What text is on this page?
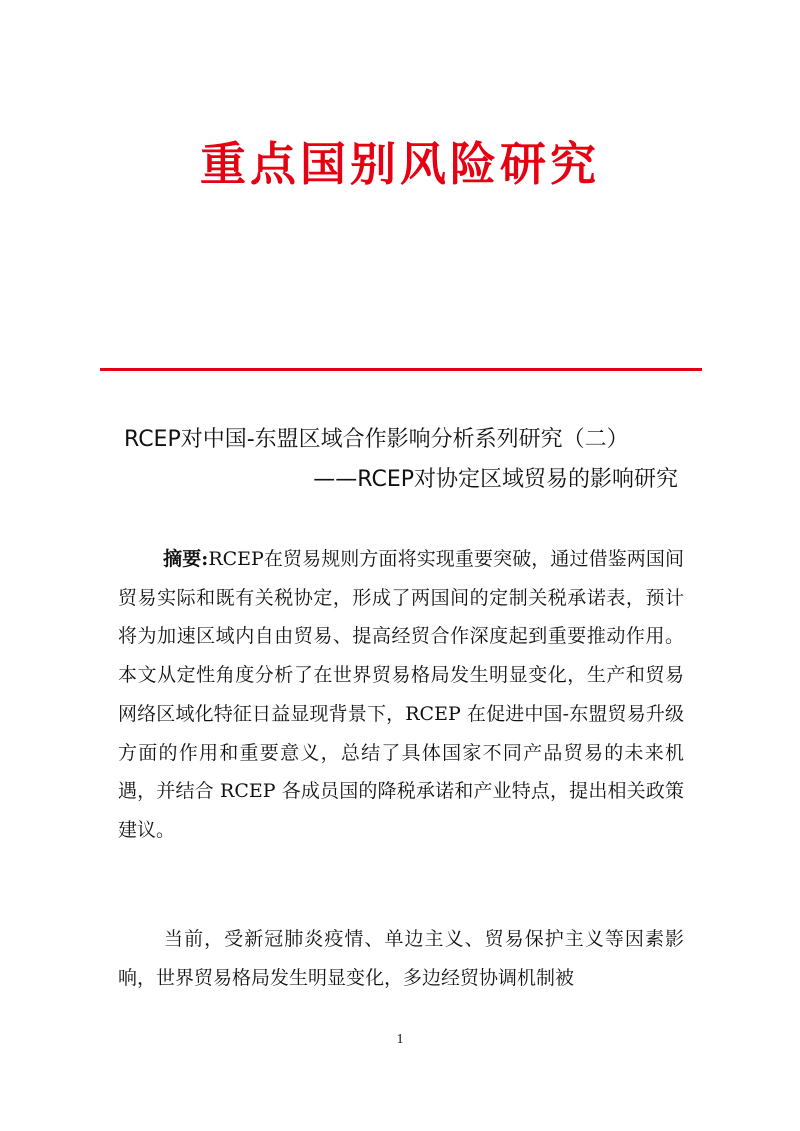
重点国别风险研究
RCEP对中国-东盟区域合作影响分析系列研究（二）
——RCEP对协定区域贸易的影响研究

摘要:RCEP在贸易规则方面将实现重要突破，通过借鉴两国间贸易实际和既有关税协定，形成了两国间的定制关税承诺表，预计将为加速区域内自由贸易、提高经贸合作深度起到重要推动作用。本文从定性角度分析了在世界贸易格局发生明显变化，生产和贸易网络区域化特征日益显现背景下，RCEP 在促进中国-东盟贸易升级方面的作用和重要意义，总结了具体国家不同产品贸易的未来机遇，并结合 RCEP 各成员国的降税承诺和产业特点，提出相关政策建议。

当前，受新冠肺炎疫情、单边主义、贸易保护主义等因素影响，世界贸易格局发生明显变化，多边经贸协调机制被

1
